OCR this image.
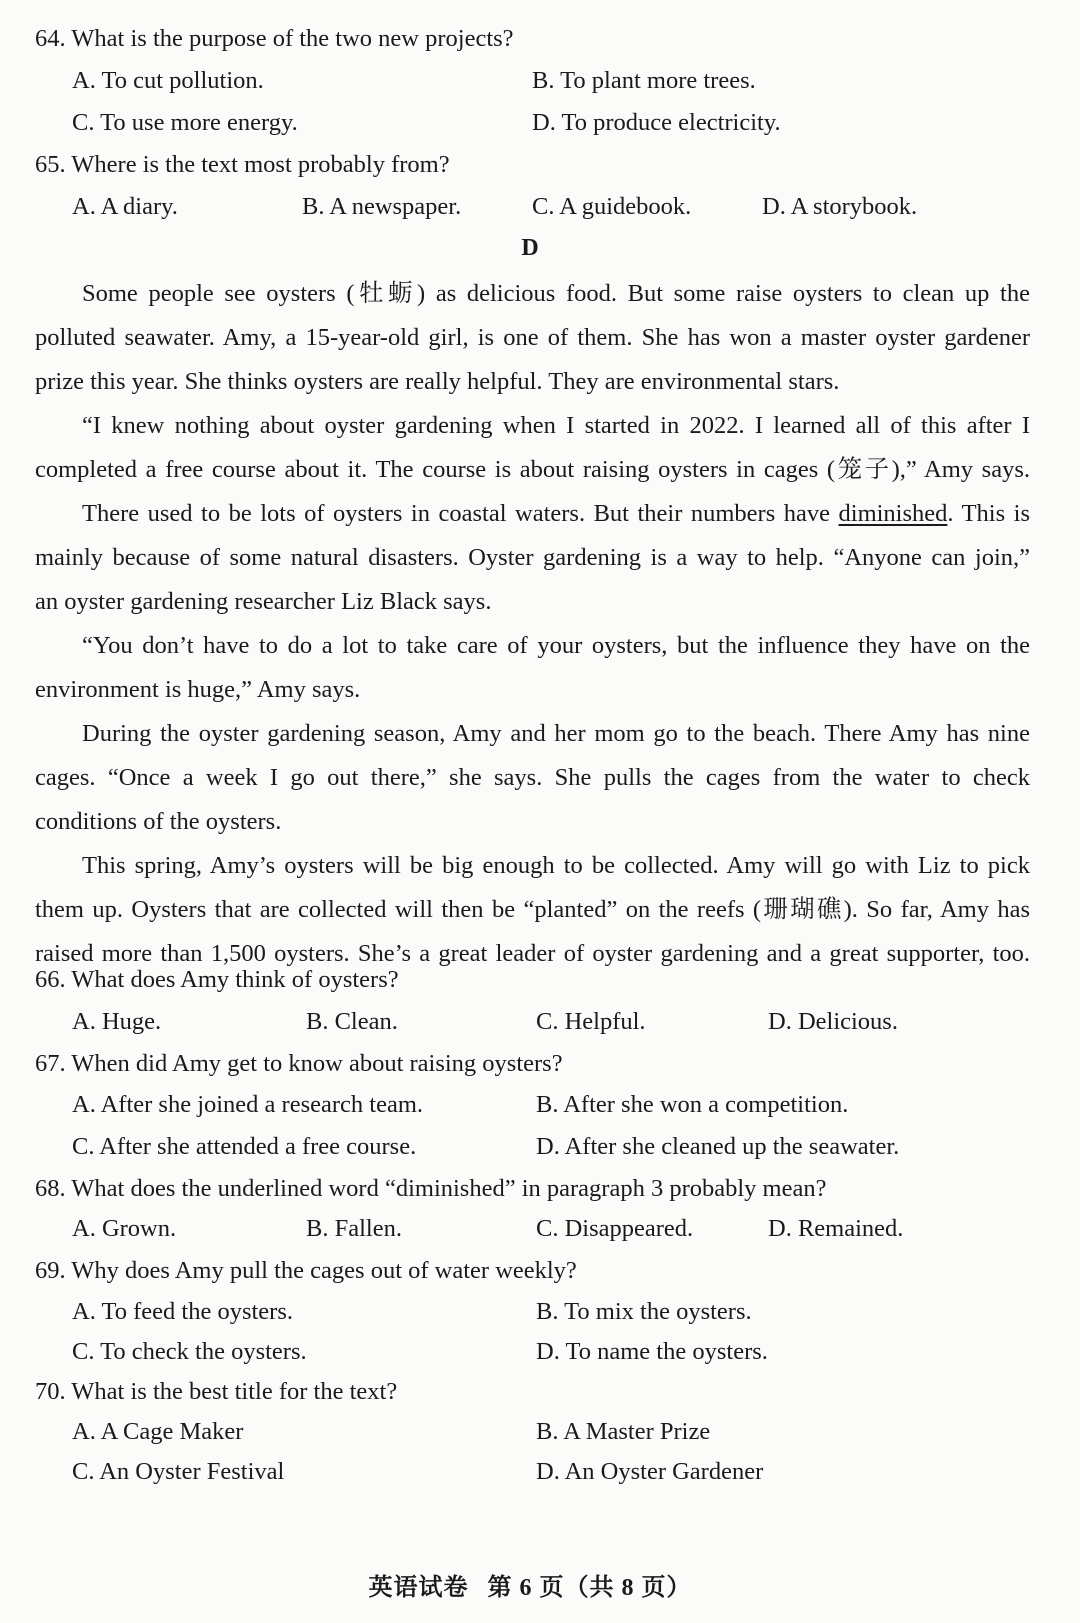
64. What is the purpose of the two new projects?
A. To cut pollution.	B. To plant more trees.
C. To use more energy.	D. To produce electricity.
65. Where is the text most probably from?
A. A diary.	B. A newspaper.	C. A guidebook.	D. A storybook.
D
Some people see oysters (牡蛎) as delicious food. But some raise oysters to clean up the
polluted seawater. Amy, a 15-year-old girl, is one of them. She has won a master oyster gardener
prize this year. She thinks oysters are really helpful. They are environmental stars.
“I knew nothing about oyster gardening when I started in 2022. I learned all of this after I
completed a free course about it. The course is about raising oysters in cages (笼子),” Amy says.
There used to be lots of oysters in coastal waters. But their numbers have diminished. This is
mainly because of some natural disasters. Oyster gardening is a way to help. “Anyone can join,”
an oyster gardening researcher Liz Black says.
“You don’t have to do a lot to take care of your oysters, but the influence they have on the
environment is huge,” Amy says.
During the oyster gardening season, Amy and her mom go to the beach. There Amy has nine
cages. “Once a week I go out there,” she says. She pulls the cages from the water to check
conditions of the oysters.
This spring, Amy’s oysters will be big enough to be collected. Amy will go with Liz to pick
them up. Oysters that are collected will then be “planted” on the reefs (珊瑚礁). So far, Amy has
raised more than 1,500 oysters. She’s a great leader of oyster gardening and a great supporter, too.
66. What does Amy think of oysters?
A. Huge.	B. Clean.	C. Helpful.	D. Delicious.
67. When did Amy get to know about raising oysters?
A. After she joined a research team.	B. After she won a competition.
C. After she attended a free course.	D. After she cleaned up the seawater.
68. What does the underlined word “diminished” in paragraph 3 probably mean?
A. Grown.	B. Fallen.	C. Disappeared.	D. Remained.
69. Why does Amy pull the cages out of water weekly?
A. To feed the oysters.	B. To mix the oysters.
C. To check the oysters.	D. To name the oysters.
70. What is the best title for the text?
A. A Cage Maker	B. A Master Prize
C. An Oyster Festival	D. An Oyster Gardener
英语试卷 第 6 页（共 8 页）
